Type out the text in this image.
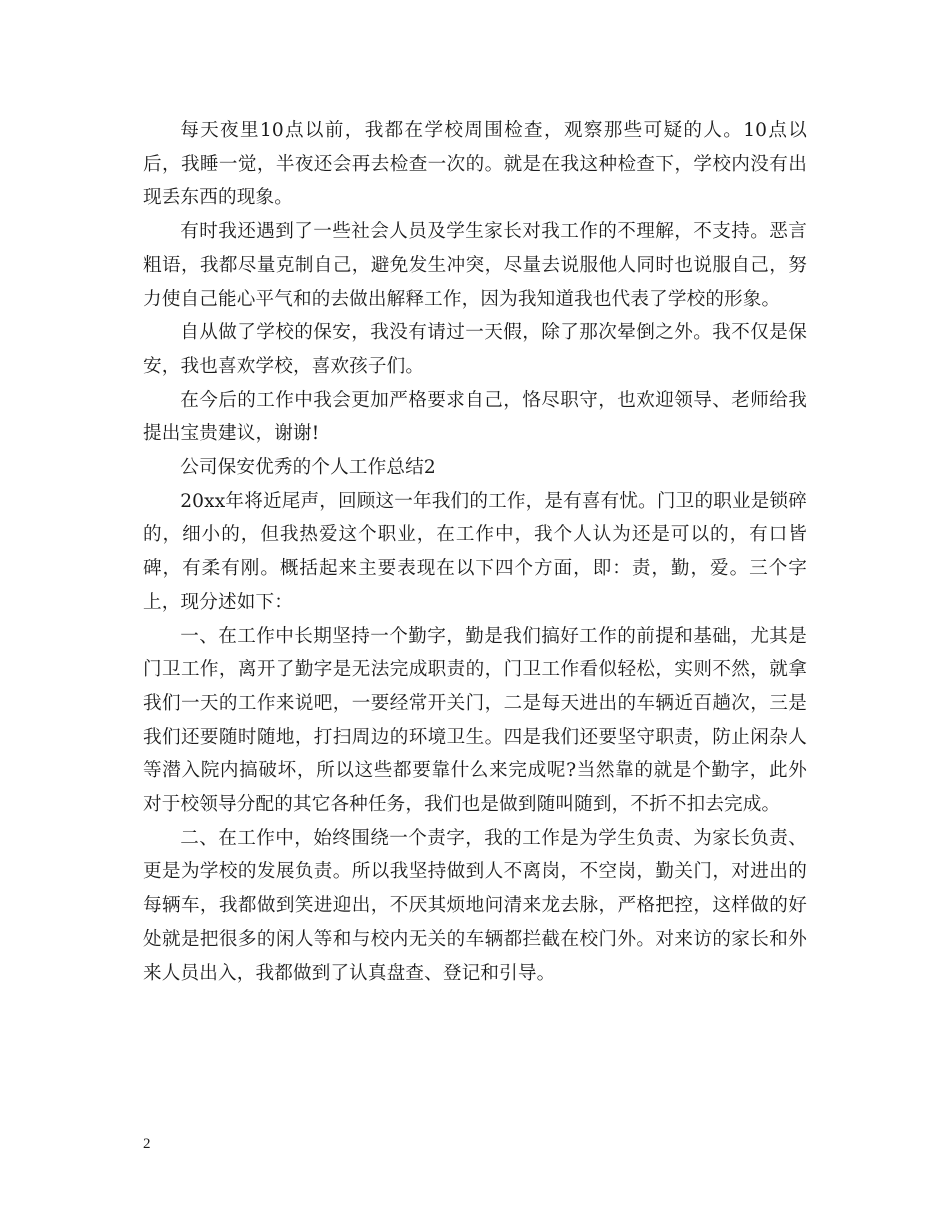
每天夜里10点以前，我都在学校周围检查，观察那些可疑的人。10点以后，我睡一觉，半夜还会再去检查一次的。就是在我这种检查下，学校内没有出现丢东西的现象。

有时我还遇到了一些社会人员及学生家长对我工作的不理解，不支持。恶言粗语，我都尽量克制自己，避免发生冲突，尽量去说服他人同时也说服自己，努力使自己能心平气和的去做出解释工作，因为我知道我也代表了学校的形象。

自从做了学校的保安，我没有请过一天假，除了那次晕倒之外。我不仅是保安，我也喜欢学校，喜欢孩子们。

在今后的工作中我会更加严格要求自己，恪尽职守，也欢迎领导、老师给我提出宝贵建议，谢谢!

公司保安优秀的个人工作总结2

20xx年将近尾声，回顾这一年我们的工作，是有喜有忧。门卫的职业是锁碎的，细小的，但我热爱这个职业，在工作中，我个人认为还是可以的，有口皆碑，有柔有刚。概括起来主要表现在以下四个方面，即：责，勤，爱。三个字上，现分述如下：

一、在工作中长期坚持一个勤字，勤是我们搞好工作的前提和基础，尤其是门卫工作，离开了勤字是无法完成职责的，门卫工作看似轻松，实则不然，就拿我们一天的工作来说吧，一要经常开关门，二是每天进出的车辆近百趟次，三是我们还要随时随地，打扫周边的环境卫生。四是我们还要坚守职责，防止闲杂人等潜入院内搞破坏，所以这些都要靠什么来完成呢?当然靠的就是个勤字，此外对于校领导分配的其它各种任务，我们也是做到随叫随到，不折不扣去完成。

二、在工作中，始终围绕一个责字，我的工作是为学生负责、为家长负责、更是为学校的发展负责。所以我坚持做到人不离岗，不空岗，勤关门，对进出的每辆车，我都做到笑进迎出，不厌其烦地问清来龙去脉，严格把控，这样做的好处就是把很多的闲人等和与校内无关的车辆都拦截在校门外。对来访的家长和外来人员出入，我都做到了认真盘查、登记和引导。

2
